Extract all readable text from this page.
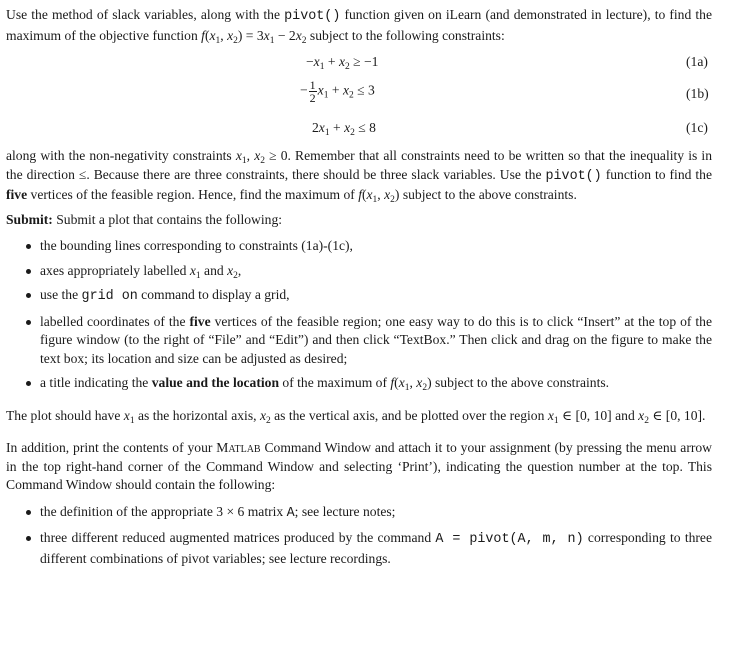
Use the method of slack variables, along with the pivot() function given on iLearn (and demonstrated in lecture), to find the maximum of the objective function $f(x_1$, $x_2) = 3x_1 - 2x_2$ subject to the following constraints:

$-x_1 + x_2 \ge -1$	(1a)
− $\frac{1}{2} x_1 + x_2 \le 3$	(1b)
$2x_1 + x_2 \le 8$	(1c)

along with the non-negativity constraints $x_1$, $x_2 \ge 0$. Remember that all constraints need to be written so that the inequality is in the direction ≤. Because there are three constraints, there should be three slack variables. Use the pivot() function to find the five vertices of the feasible region. Hence, find the maximum of $f(x_1$, $x_2$) subject to the above constraints.

Submit: Submit a plot that contains the following:

the bounding lines corresponding to constraints (1a)-(1c),
axes appropriately labelled $x_1$ and $x_2$,
use the grid on command to display a grid,
labelled coordinates of the five vertices of the feasible region; one easy way to do this is to click “Insert” at the top of the figure window (to the right of “File” and “Edit”) and then click “TextBox.” Then click and drag on the figure to make the text box; its location and size can be adjusted as desired;
a title indicating the value and the location of the maximum of $f(x_1$, $x_2$) subject to the above constraints.

The plot should have $x_1$ as the horizontal axis, $x_2$ as the vertical axis, and be plotted over the region $x_1$ ∈ [0, 10] and $x_2$ ∈ [0, 10].

In addition, print the contents of your Matlab Command Window and attach it to your assignment (by pressing the menu arrow in the top right-hand corner of the Command Window and selecting ‘Print’), indicating the question number at the top. This Command Window should contain the following:

the definition of the appropriate 3 × 6 matrix A; see lecture notes;
three different reduced augmented matrices produced by the command A = pivot(A, m, n) corresponding to three different combinations of pivot variables; see lecture recordings.
